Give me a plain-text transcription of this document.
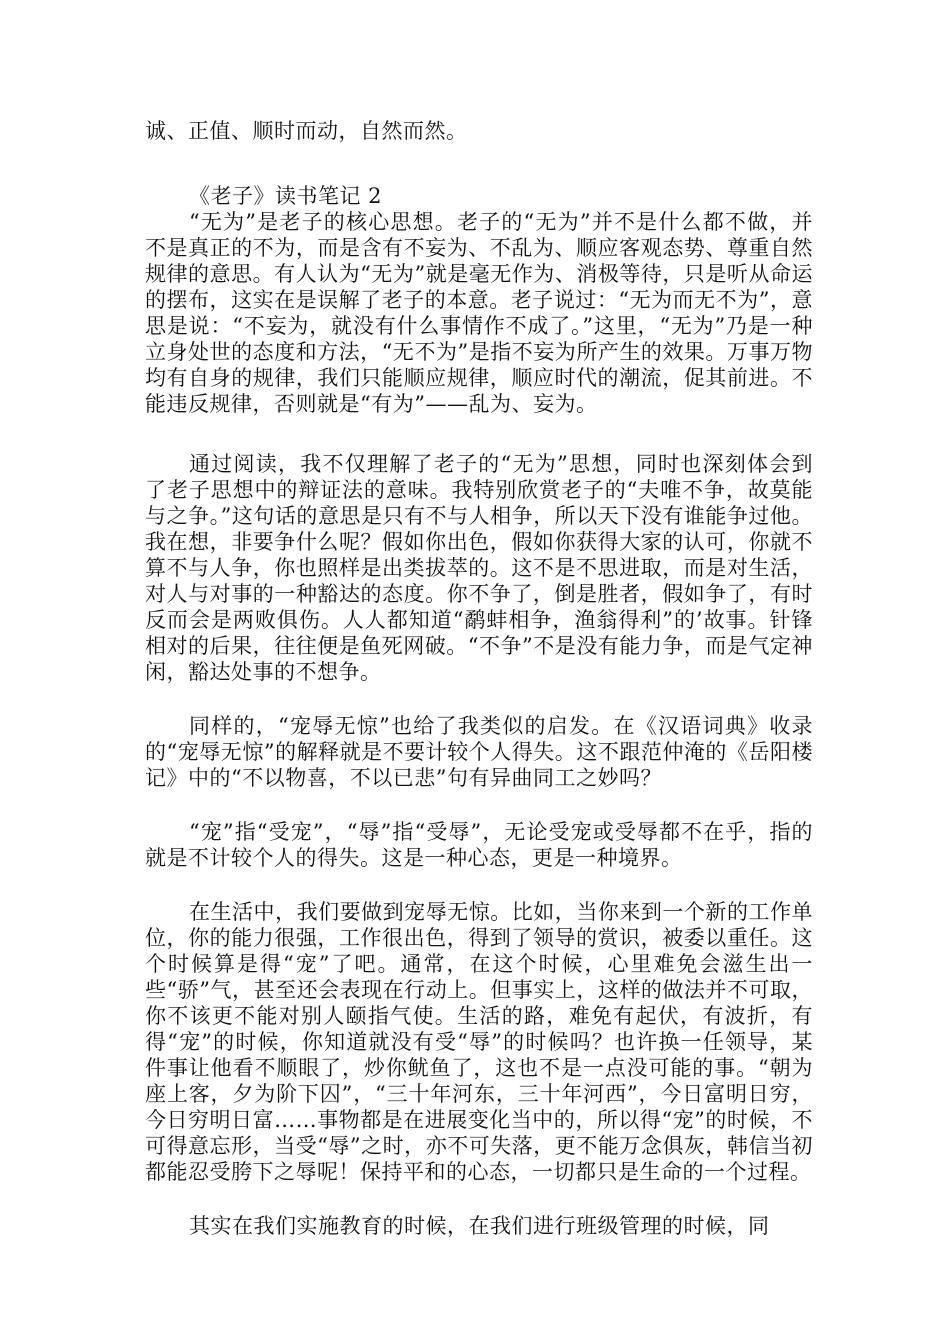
诚、正值、顺时而动，自然而然。

《老子》读书笔记 2

“无为”是老子的核心思想。老子的“无为”并不是什么都不做，并不是真正的不为，而是含有不妄为、不乱为、顺应客观态势、尊重自然规律的意思。有人认为“无为”就是毫无作为、消极等待，只是听从命运的摆布，这实在是误解了老子的本意。老子说过：“无为而无不为”，意思是说：“不妄为，就没有什么事情作不成了。”这里，“无为”乃是一种立身处世的态度和方法，“无不为”是指不妄为所产生的效果。万事万物均有自身的规律，我们只能顺应规律，顺应时代的潮流，促其前进。不能违反规律，否则就是“有为”——乱为、妄为。

通过阅读，我不仅理解了老子的“无为”思想，同时也深刻体会到了老子思想中的辩证法的意味。我特别欣赏老子的“夫唯不争，故莫能与之争。”这句话的意思是只有不与人相争，所以天下没有谁能争过他。我在想，非要争什么呢？假如你出色，假如你获得大家的认可，你就不算不与人争，你也照样是出类拔萃的。这不是不思进取，而是对生活，对人与对事的一种豁达的态度。你不争了，倒是胜者，假如争了，有时反而会是两败俱伤。人人都知道“鹬蚌相争，渔翁得利”的’故事。针锋相对的后果，往往便是鱼死网破。“不争”不是没有能力争，而是气定神闲，豁达处事的不想争。

同样的，“宠辱无惊”也给了我类似的启发。在《汉语词典》收录的“宠辱无惊”的解释就是不要计较个人得失。这不跟范仲淹的《岳阳楼记》中的“不以物喜，不以已悲”句有异曲同工之妙吗？

“宠”指“受宠”，“辱”指“受辱”，无论受宠或受辱都不在乎，指的就是不计较个人的得失。这是一种心态，更是一种境界。

在生活中，我们要做到宠辱无惊。比如，当你来到一个新的工作单位，你的能力很强，工作很出色，得到了领导的赏识，被委以重任。这个时候算是得“宠”了吧。通常，在这个时候，心里难免会滋生出一些“骄”气，甚至还会表现在行动上。但事实上，这样的做法并不可取，你不该更不能对别人颐指气使。生活的路，难免有起伏，有波折，有得“宠”的时候，你知道就没有受“辱”的时候吗？也许换一任领导，某件事让他看不顺眼了，炒你鱿鱼了，这也不是一点没可能的事。“朝为座上客，夕为阶下囚”，“三十年河东，三十年河西”，今日富明日穷，今日穷明日富……事物都是在进展变化当中的，所以得“宠”的时候，不可得意忘形，当受“辱”之时，亦不可失落，更不能万念俱灰，韩信当初都能忍受胯下之辱呢！保持平和的心态，一切都只是生命的一个过程。

其实在我们实施教育的时候，在我们进行班级管理的时候，同
